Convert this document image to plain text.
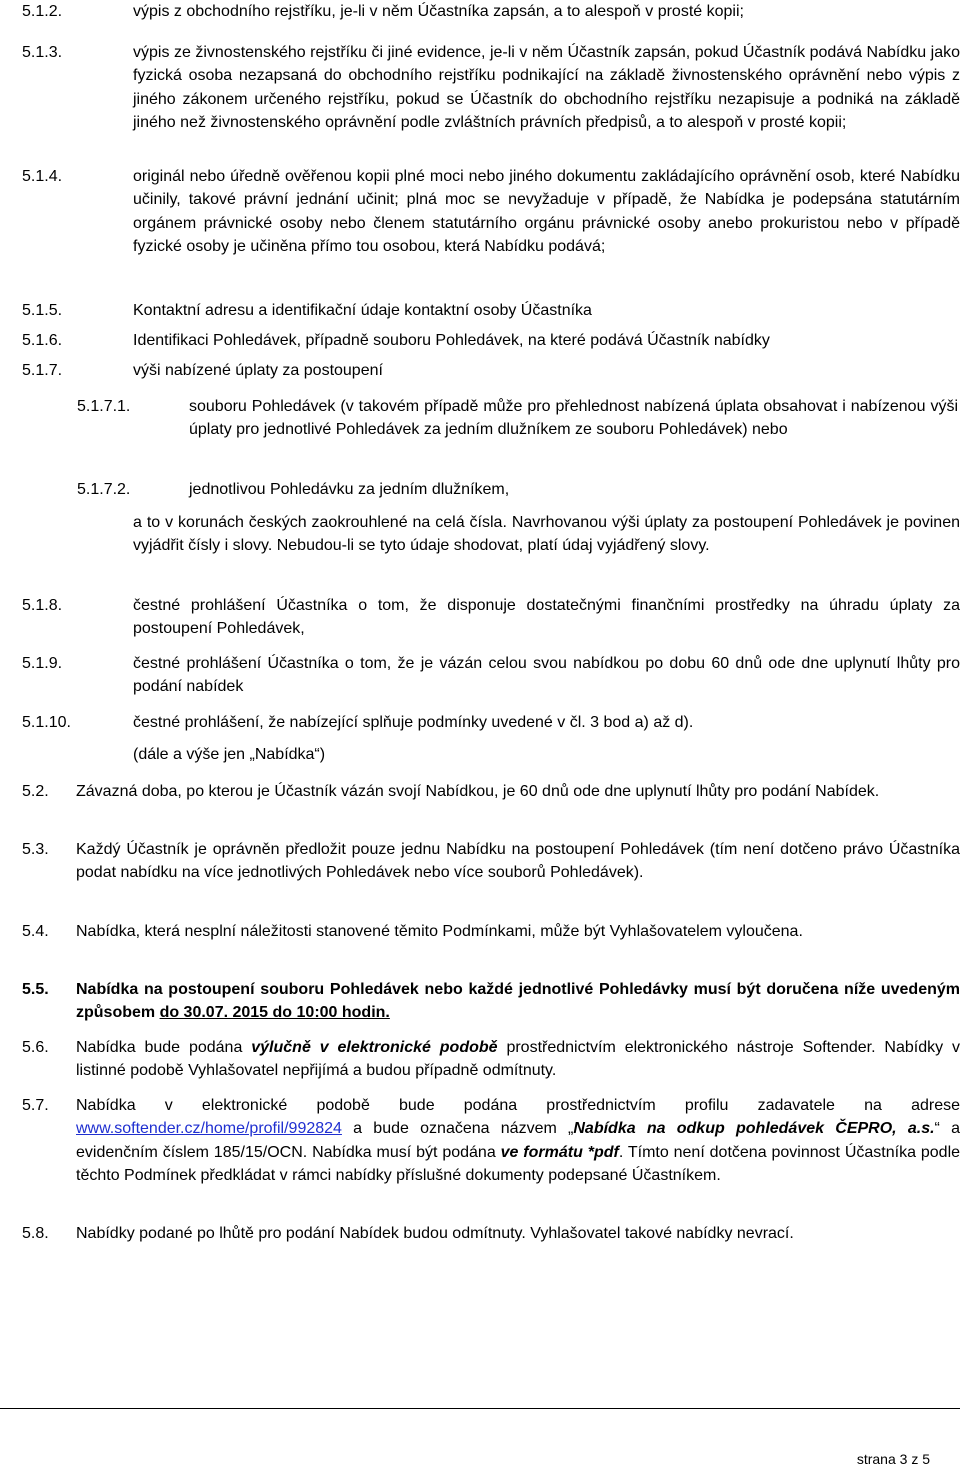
5.1.2.	výpis z obchodního rejstříku, je-li v něm Účastníka zapsán, a to alespoň v prosté kopii;
5.1.3.	výpis ze živnostenského rejstříku či jiné evidence, je-li v něm Účastník zapsán, pokud Účastník podává Nabídku jako fyzická osoba nezapsaná do obchodního rejstříku podnikající na základě živnostenského oprávnění nebo výpis z jiného zákonem určeného rejstříku, pokud se Účastník do obchodního rejstříku nezapisuje a podniká na základě jiného než živnostenského oprávnění podle zvláštních právních předpisů, a to alespoň v prosté kopii;
5.1.4.	originál nebo úředně ověřenou kopii plné moci nebo jiného dokumentu zakládajícího oprávnění osob, které Nabídku učinily, takové právní jednání učinit; plná moc se nevyžaduje v případě, že Nabídka je podepsána statutárním orgánem právnické osoby nebo členem statutárního orgánu právnické osoby anebo prokuristou nebo v případě fyzické osoby je učiněna přímo tou osobou, která Nabídku podává;
5.1.5.	Kontaktní adresu a identifikační údaje kontaktní osoby Účastníka
5.1.6.	Identifikaci Pohledávek, případně souboru Pohledávek, na které podává Účastník nabídky
5.1.7.	výši nabízené úplaty za postoupení
5.1.7.1.	souboru Pohledávek (v takovém případě může pro přehlednost nabízená úplata obsahovat i nabízenou výši úplaty pro jednotlivé Pohledávek za jedním dlužníkem ze souboru Pohledávek) nebo
5.1.7.2.	jednotlivou Pohledávku za jedním dlužníkem,
a to v korunách českých zaokrouhlené na celá čísla. Navrhovanou výši úplaty za postoupení Pohledávek je povinen vyjádřit čísly i slovy. Nebudou-li se tyto údaje shodovat, platí údaj vyjádřený slovy.
5.1.8.	čestné prohlášení Účastníka o tom, že disponuje dostatečnými finančními prostředky na úhradu úplaty za postoupení Pohledávek,
5.1.9.	čestné prohlášení Účastníka o tom, že je vázán celou svou nabídkou po dobu 60 dnů ode dne uplynutí lhůty pro podání nabídek
5.1.10.	čestné prohlášení, že nabízející splňuje podmínky uvedené v čl. 3 bod a) až d).
(dále a výše jen „Nabídka“)
5.2. Závazná doba, po kterou je Účastník vázán svojí Nabídkou, je 60 dnů ode dne uplynutí lhůty pro podání Nabídek.
5.3. Každý Účastník je oprávněn předložit pouze jednu Nabídku na postoupení Pohledávek (tím není dotčeno právo Účastníka podat nabídku na více jednotlivých Pohledávek nebo více souborů Pohledávek).
5.4. Nabídka, která nesplní náležitosti stanovené těmito Podmínkami, může být Vyhlašovatelem vyloučena.
5.5. Nabídka na postoupení souboru Pohledávek nebo každé jednotlivé Pohledávky musí být doručena níže uvedeným způsobem do 30.07. 2015 do 10:00 hodin.
5.6. Nabídka bude podána výlučně v elektronické podobě prostřednictvím elektronického nástroje Softender. Nabídky v listinné podobě Vyhlašovatel nepřijímá a budou případně odmítnuty.
5.7. Nabídka v elektronické podobě bude podána prostřednictvím profilu zadavatele na adrese www.softender.cz/home/profil/992824 a bude označena názvem „Nabídka na odkup pohledávek ČEPRO, a.s.“ a evidenčním číslem 185/15/OCN. Nabídka musí být podána ve formátu *pdf. Tímto není dotčena povinnost Účastníka podle těchto Podmínek předkládat v rámci nabídky příslušné dokumenty podepsané Účastníkem.
5.8. Nabídky podané po lhůtě pro podání Nabídek budou odmítnuty. Vyhlašovatel takové nabídky nevrací.
strana 3 z 5
